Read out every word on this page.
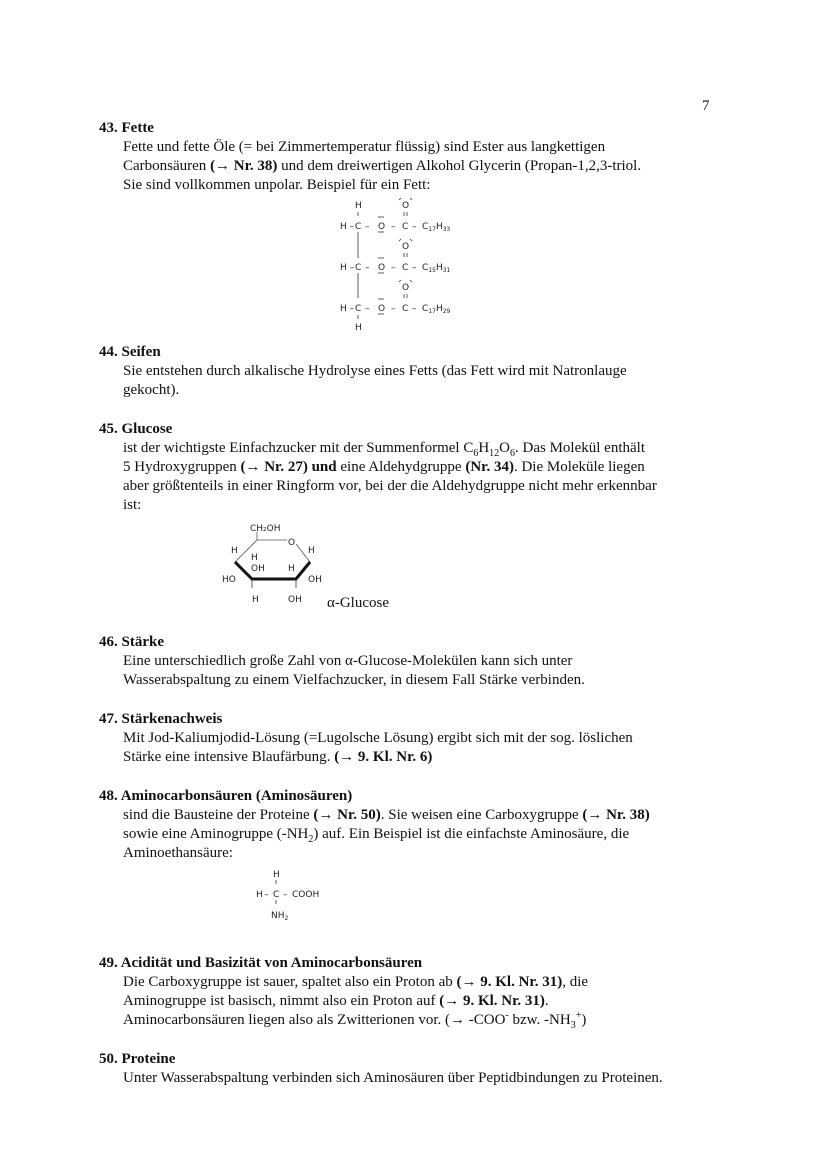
7
43. Fette
Fette und fette Öle (= bei Zimmertemperatur flüssig) sind Ester aus langkettigen
Carbonsäuren (→ Nr. 38) und dem dreiwertigen Alkohol Glycerin (Propan-1,2,3-triol.
Sie sind vollkommen unpolar. Beispiel für ein Fett:
H	O
H – C – O – C – $C_{17}H_{33}$
O
H – C – O – C – $C_{15}H_{31}$
O
H – C – O – C – $C_{17}H_{29}$
H
44. Seifen
Sie entstehen durch alkalische Hydrolyse eines Fetts (das Fett wird mit Natronlauge
gekocht).
45. Glucose
ist der wichtigste Einfachzucker mit der Summenformel $C_6H_{12}O_6$. Das Molekül enthält
5 Hydroxygruppen (→ Nr. 27) und eine Aldehydgruppe (Nr. 34). Die Moleküle liegen
aber größtenteils in einer Ringform vor, bei der die Aldehydgruppe nicht mehr erkennbar
ist:
CH₂OH
O
H	H
H
OH	H
HO	OH
H	OH α-Glucose
46. Stärke
Eine unterschiedlich große Zahl von α-Glucose-Molekülen kann sich unter
Wasserabspaltung zu einem Vielfachzucker, in diesem Fall Stärke verbinden.
47. Stärkenachweis
Mit Jod-Kaliumjodid-Lösung (=Lugolsche Lösung) ergibt sich mit der sog. löslichen
Stärke eine intensive Blaufärbung. (→ 9. Kl. Nr. 6)
48. Aminocarbonsäuren (Aminosäuren)
sind die Bausteine der Proteine (→ Nr. 50). Sie weisen eine Carboxygruppe (→ Nr. 38)
sowie eine Aminogruppe $(-NH_2)$ auf. Ein Beispiel ist die einfachste Aminosäure, die
Aminoethansäure:
H
H – C – COOH
$NH_2$
49. Acidität und Basizität von Aminocarbonsäuren
Die Carboxygruppe ist sauer, spaltet also ein Proton ab (→ 9. Kl. Nr. 31), die
Aminogruppe ist basisch, nimmt also ein Proton auf (→ 9. Kl. Nr. 31).
Aminocarbonsäuren liegen also als Zwitterionen vor. (→ -COO- bzw. $-NH_3^+$)
50. Proteine
Unter Wasserabspaltung verbinden sich Aminosäuren über Peptidbindungen zu Proteinen.
